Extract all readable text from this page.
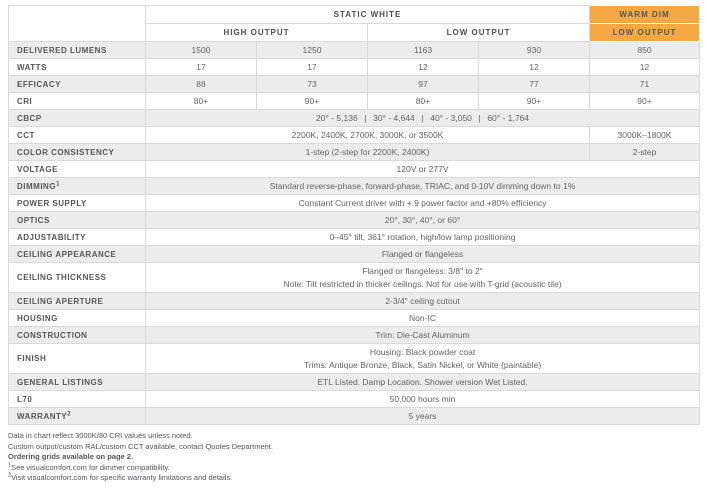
	STATIC WHITE				WARM DIM
	HIGH OUTPUT		LOW OUTPUT		LOW OUTPUT
DELIVERED LUMENS	1500	1250	1163	930	850
WATTS	17	17	12	12	12
EFFICACY	88	73	97	77	71
CRI	80+	90+	80+	90+	90+
CBCP	20° - 5,136  |  30° - 4,644  |  40° - 3,050  |  60° - 1,764				
CCT	2200K, 2400K, 2700K, 3000K, or 3500K				3000K–1800K
COLOR CONSISTENCY	1-step (2-step for 2200K, 2400K)				2-step
VOLTAGE	120V or 277V				
DIMMING$^1$	Standard reverse-phase, forward-phase, TRIAC, and 0-10V dimming down to 1%				
POWER SUPPLY	Constant Current driver with +.9 power factor and +80% efficiency				
OPTICS	20°, 30°, 40°, or 60°				
ADJUSTABILITY	0–45° tilt, 361° rotation, high/low lamp positioning				
CEILING APPEARANCE	Flanged or flangeless				
CEILING THICKNESS	Flanged or flangeless: 3/8" to 2"
Note: Tilt restricted in thicker ceilings. Not for use with T-grid (acoustic tile)				

CEILING APERTURE	2-3/4" ceiling cutout				
HOUSING	Non-IC				
CONSTRUCTION	Trim: Die-Cast Aluminum				
FINISH	Housing: Black powder coat
Trims: Antique Bronze, Black, Satin Nickel, or White (paintable)				

GENERAL LISTINGS	ETL Listed. Damp Location. Shower version Wet Listed.				
L70	50,000 hours min				
WARRANTY$^2$	5 years				
Data in chart reflect 3000K/80 CRI values unless noted.
Custom output/custom RAL/custom CCT available, contact Quotes Department.
Ordering grids available on page 2.
$^1$See visualcomfort.com for dimmer compatibility.
$^2$Visit visualcomfort.com for specific warranty limitations and details.
